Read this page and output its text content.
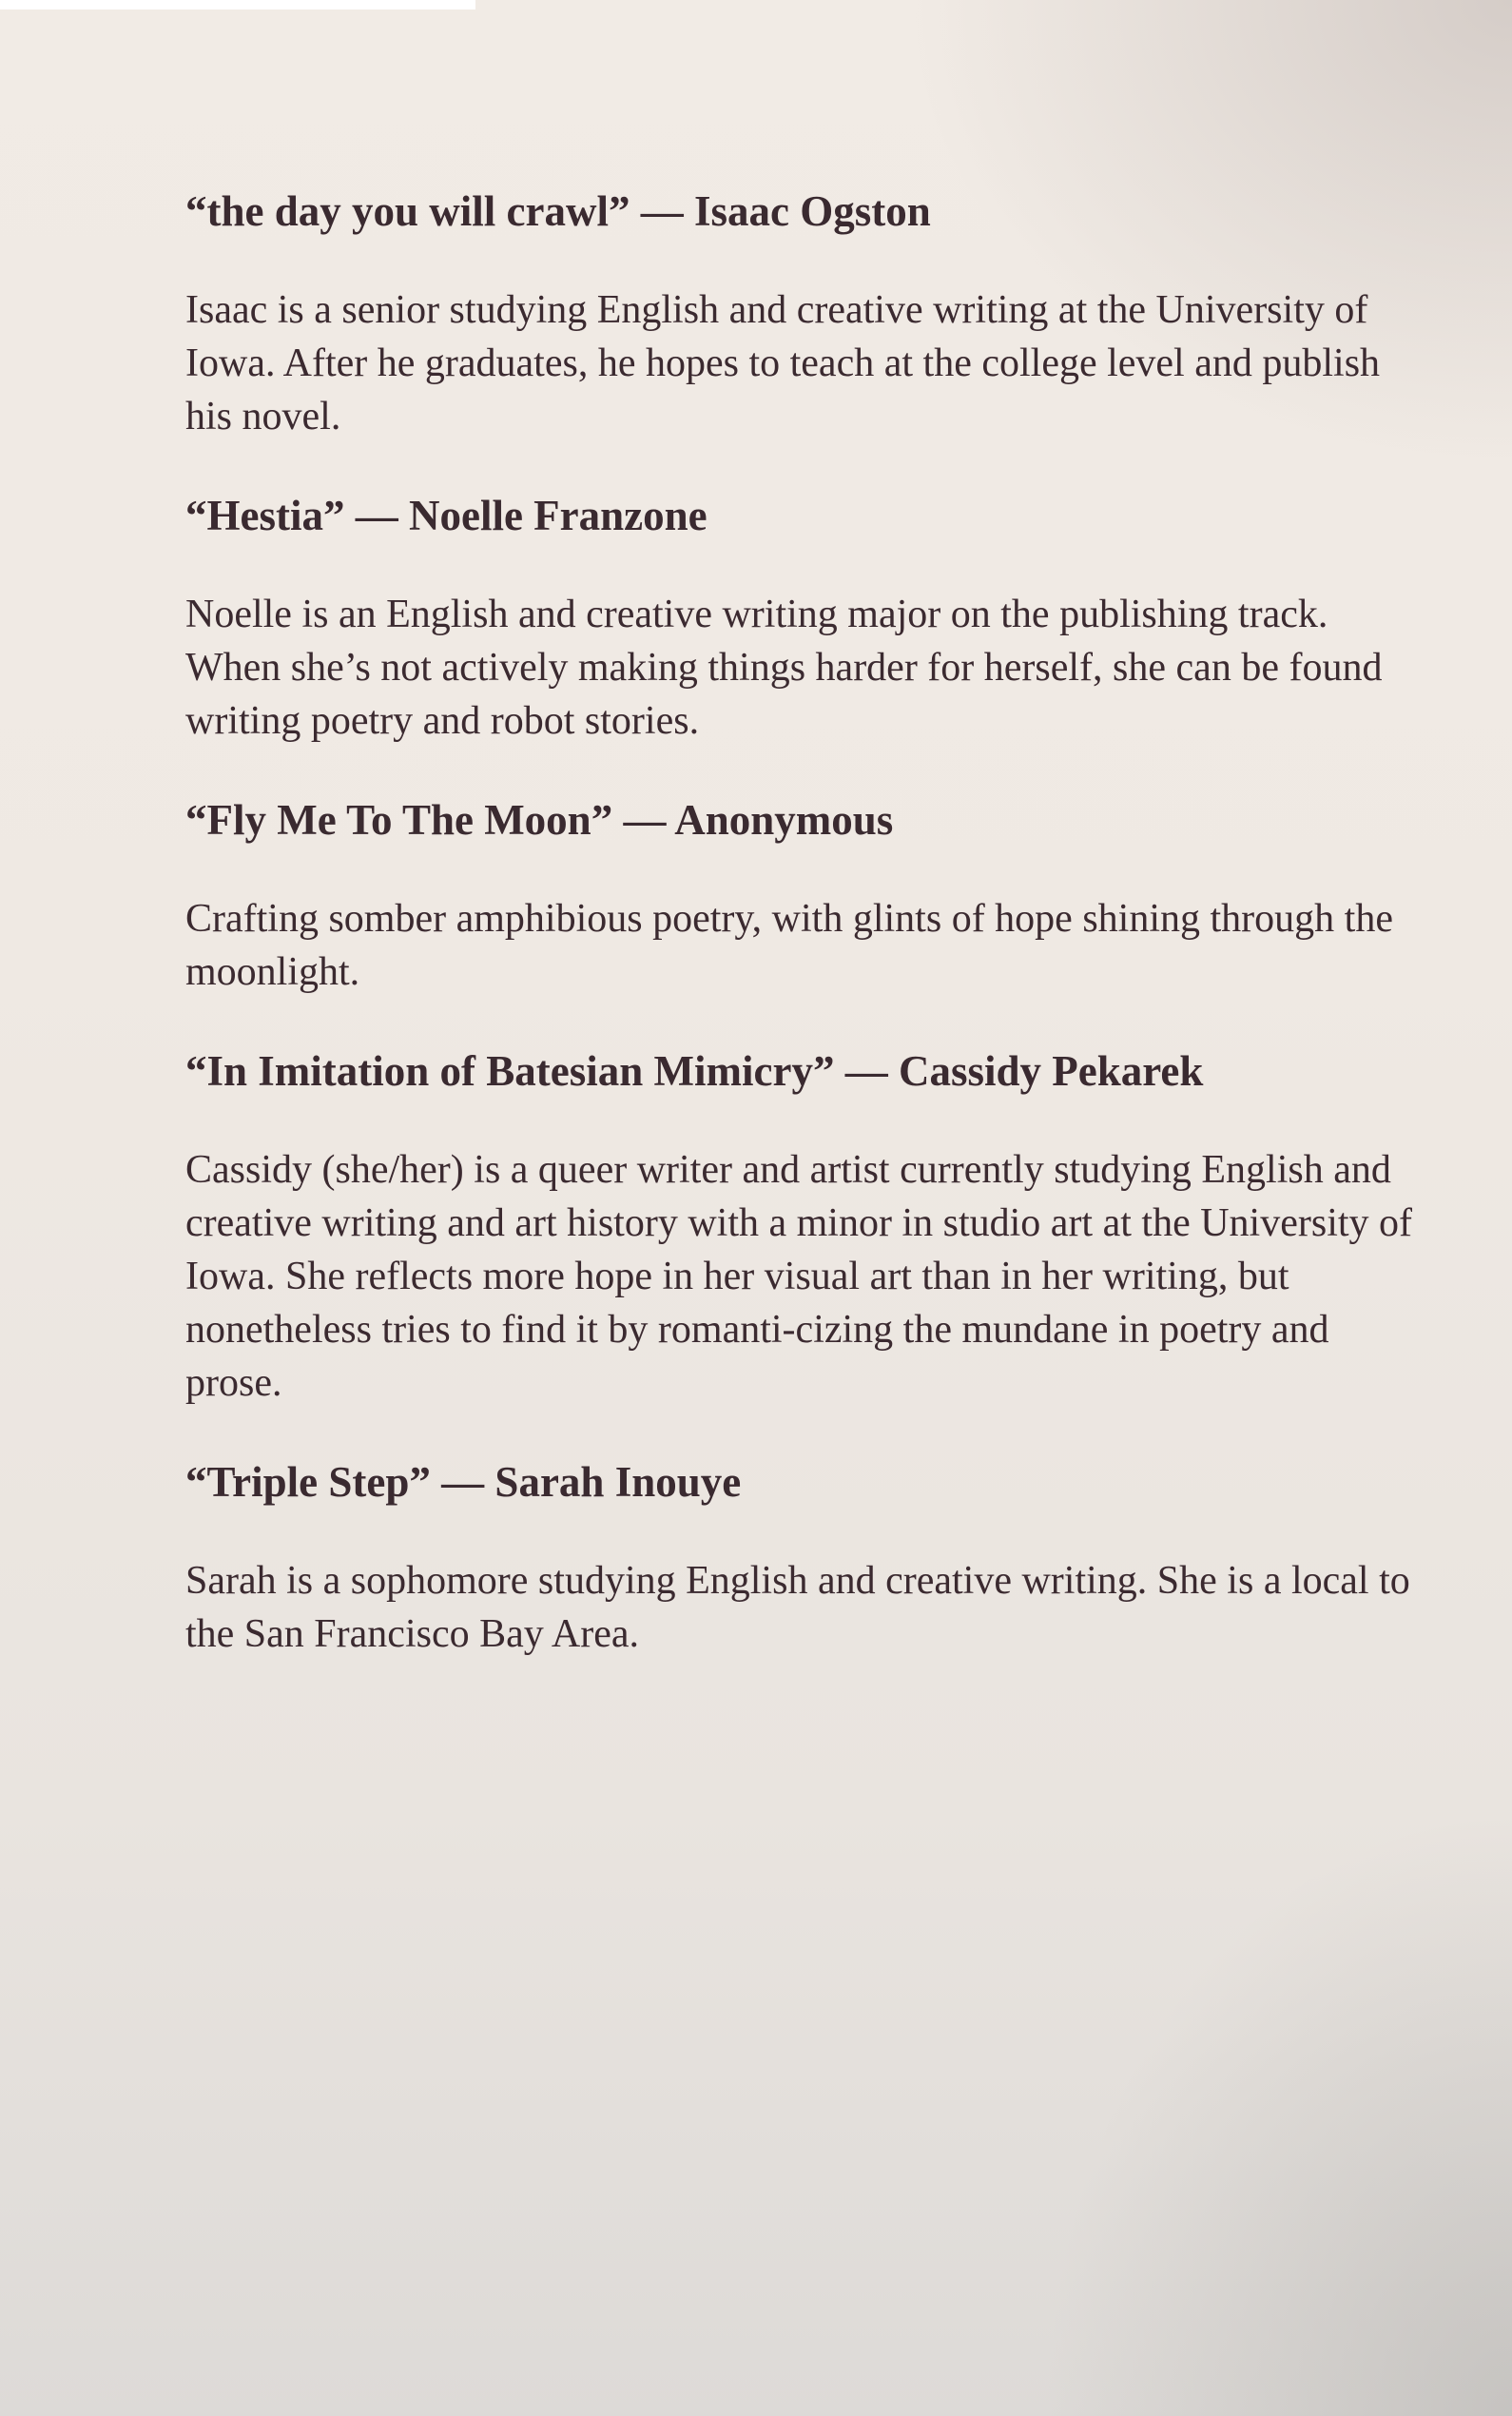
“the day you will crawl” — Isaac Ogston

Isaac is a senior studying English and creative writing at the University of Iowa. After he graduates, he hopes to teach at the college level and publish his novel.

“Hestia” — Noelle Franzone

Noelle is an English and creative writing major on the publishing track. When she’s not actively making things harder for herself, she can be found writing poetry and robot stories.

“Fly Me To The Moon” — Anonymous

Crafting somber amphibious poetry, with glints of hope shining through the moonlight.

“In Imitation of Batesian Mimicry” — Cassidy Pekarek

Cassidy (she/her) is a queer writer and artist currently studying English and creative writing and art history with a minor in studio art at the University of Iowa. She reflects more hope in her visual art than in her writing, but nonetheless tries to find it by romanti-cizing the mundane in poetry and prose.

“Triple Step” — Sarah Inouye

Sarah is a sophomore studying English and creative writing. She is a local to the San Francisco Bay Area.
